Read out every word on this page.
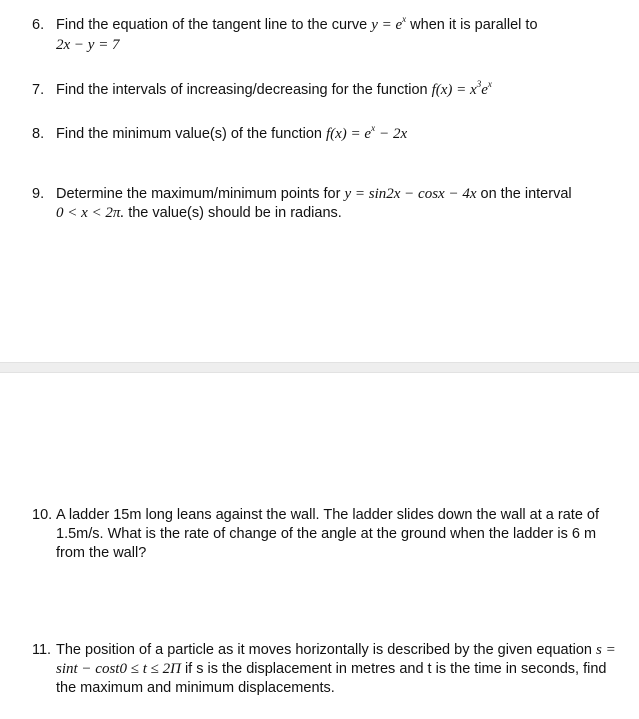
6. Find the equation of the tangent line to the curve $y = e^x$ when it is parallel to
2x − y = 7
7. Find the intervals of increasing/decreasing for the function $f(x) = x^3e^x$
8. Find the minimum value(s) of the function $f(x) = e^x - 2x$
9. Determine the maximum/minimum points for y = sin2x − cosx − 4x on the interval
0 < x < 2π. the value(s) should be in radians.
10. A ladder 15m long leans against the wall. The ladder slides down the wall at a rate of 1.5m/s. What is the rate of change of the angle at the ground when the ladder is 6 m from the wall?
11. The position of a particle as it moves horizontally is described by the given equation s = sint − cost0 ≤ t ≤ 2Π if s is the displacement in metres and t is the time in seconds, find the maximum and minimum displacements.
